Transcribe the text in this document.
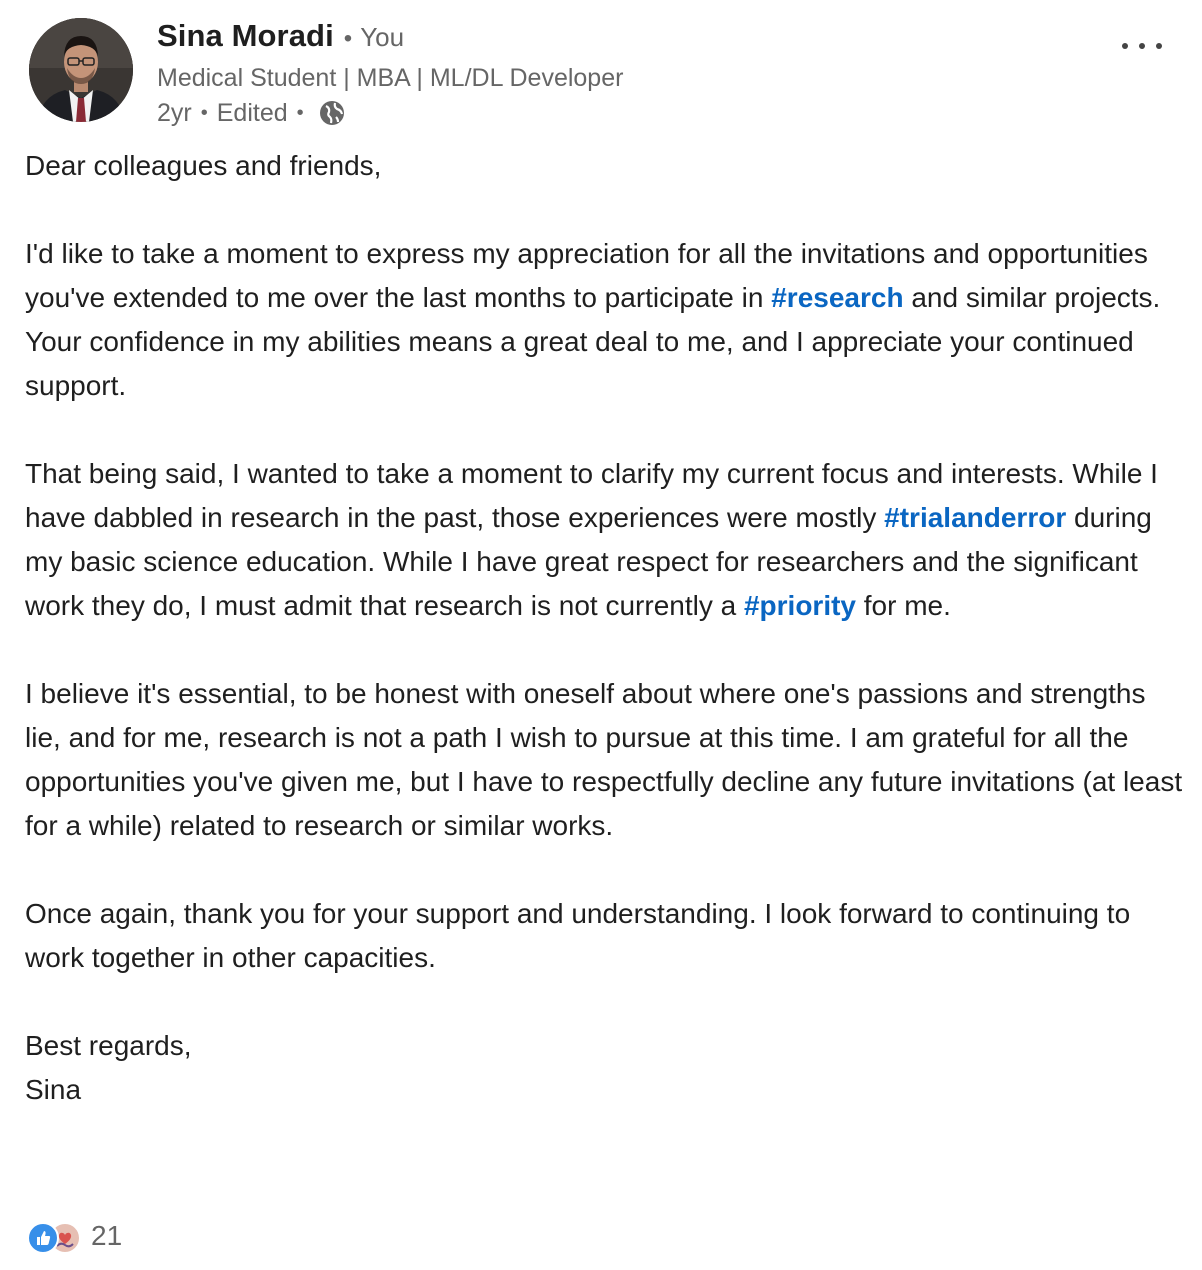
Sina Moradi • You
Medical Student | MBA | ML/DL Developer
2yr • Edited •

Dear colleagues and friends,

I'd like to take a moment to express my appreciation for all the invitations and opportunities you've extended to me over the last months to participate in #research and similar projects. Your confidence in my abilities means a great deal to me, and I appreciate your continued support.

That being said, I wanted to take a moment to clarify my current focus and interests. While I have dabbled in research in the past, those experiences were mostly #trialanderror during my basic science education. While I have great respect for researchers and the significant work they do, I must admit that research is not currently a #priority for me.

I believe it's essential, to be honest with oneself about where one's passions and strengths lie, and for me, research is not a path I wish to pursue at this time. I am grateful for all the opportunities you've given me, but I have to respectfully decline any future invitations (at least for a while) related to research or similar works.

Once again, thank you for your support and understanding. I look forward to continuing to work together in other capacities.

Best regards,
Sina

21
